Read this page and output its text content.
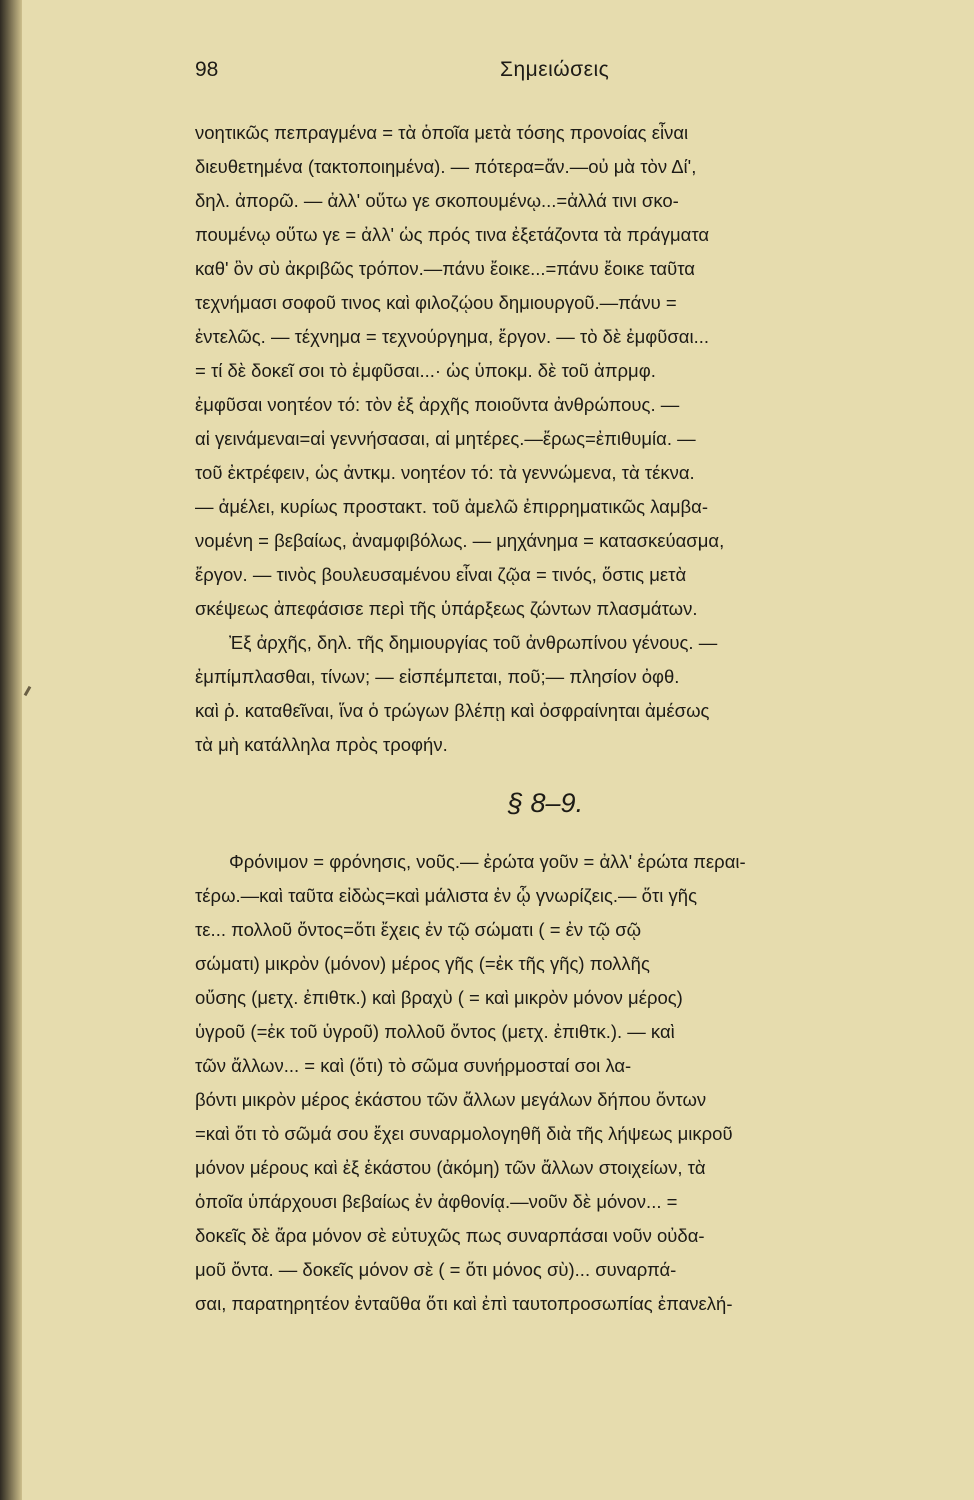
98	Σημειώσεις
νοητικῶς πεπραγμένα = τὰ ὁποῖα μετὰ τόσης προνοίας εἶναι
διευθετημένα (τακτοποιημένα). — πότερα=ἄν.—οὐ μὰ τὸν Δί',
δηλ. ἀπορῶ. — ἀλλ' οὕτω γε σκοπουμένῳ...=ἀλλά τινι σκο-
πουμένῳ οὕτω γε = ἀλλ' ὡς πρός τινα ἐξετάζοντα τὰ πράγματα
καθ' ὃν σὺ ἀκριβῶς τρόπον.—πάνυ ἔοικε...=πάνυ ἔοικε ταῦτα
τεχνήμασι σοφοῦ τινος καὶ φιλοζῴου δημιουργοῦ.—πάνυ =
ἐντελῶς. — τέχνημα = τεχνούργημα, ἔργον. — τὸ δὲ ἐμφῦσαι...
= τί δὲ δοκεῖ σοι τὸ ἐμφῦσαι...· ὡς ὑποκμ. δὲ τοῦ ἀπρμφ.
ἐμφῦσαι νοητέον τό: τὸν ἐξ ἀρχῆς ποιοῦντα ἀνθρώπους. —
αἱ γεινάμεναι=αἱ γεννήσασαι, αἱ μητέρες.—ἔρως=ἐπιθυμία. —
τοῦ ἐκτρέφειν, ὡς ἀντκμ. νοητέον τό: τὰ γεννώμενα, τὰ τέκνα.
— ἀμέλει, κυρίως προστακτ. τοῦ ἀμελῶ ἐπιρρηματικῶς λαμβα-
νομένη = βεβαίως, ἀναμφιβόλως. — μηχάνημα = κατασκεύασμα,
ἔργον. — τινὸς βουλευσαμένου εἶναι ζῷα = τινός, ὅστις μετὰ
σκέψεως ἀπεφάσισε περὶ τῆς ὑπάρξεως ζώντων πλασμάτων.
Ἐξ ἀρχῆς, δηλ. τῆς δημιουργίας τοῦ ἀνθρωπίνου γένους. —
ἐμπίμπλασθαι, τίνων; — εἰσπέμπεται, ποῦ;— πλησίον ὀφθ.
καὶ ῥ. καταθεῖναι, ἵνα ὁ τρώγων βλέπῃ καὶ ὀσφραίνηται ἀμέσως
τὰ μὴ κατάλληλα πρὸς τροφήν.
§ 8–9.
Φρόνιμον = φρόνησις, νοῦς.— ἐρώτα γοῦν = ἀλλ' ἐρώτα περαι-
τέρω.—καὶ ταῦτα εἰδὼς=καὶ μάλιστα ἐν ᾧ γνωρίζεις.— ὅτι γῆς
τε... πολλοῦ ὄντος=ὅτι ἔχεις ἐν τῷ σώματι ( = ἐν τῷ σῷ
σώματι) μικρὸν (μόνον) μέρος γῆς (=ἐκ τῆς γῆς) πολλῆς
οὔσης (μετχ. ἐπιθτκ.) καὶ βραχὺ ( = καὶ μικρὸν μόνον μέρος)
ὑγροῦ (=ἐκ τοῦ ὑγροῦ) πολλοῦ ὄντος (μετχ. ἐπιθτκ.). — καὶ
τῶν ἄλλων... = καὶ (ὅτι) τὸ σῶμα συνήρμοσταί σοι λα-
βόντι μικρὸν μέρος ἑκάστου τῶν ἄλλων μεγάλων δήπου ὄντων
=καὶ ὅτι τὸ σῶμά σου ἔχει συναρμολογηθῆ διὰ τῆς λήψεως μικροῦ
μόνον μέρους καὶ ἐξ ἑκάστου (ἀκόμη) τῶν ἄλλων στοιχείων, τὰ
ὁποῖα ὑπάρχουσι βεβαίως ἐν ἀφθονίᾳ.—νοῦν δὲ μόνον... =
δοκεῖς δὲ ἄρα μόνον σὲ εὐτυχῶς πως συναρπάσαι νοῦν οὐδα-
μοῦ ὄντα. — δοκεῖς μόνον σὲ ( = ὅτι μόνος σὺ)... συναρπά-
σαι, παρατηρητέον ἐνταῦθα ὅτι καὶ ἐπὶ ταυτοπροσωπίας ἐπανελή-
